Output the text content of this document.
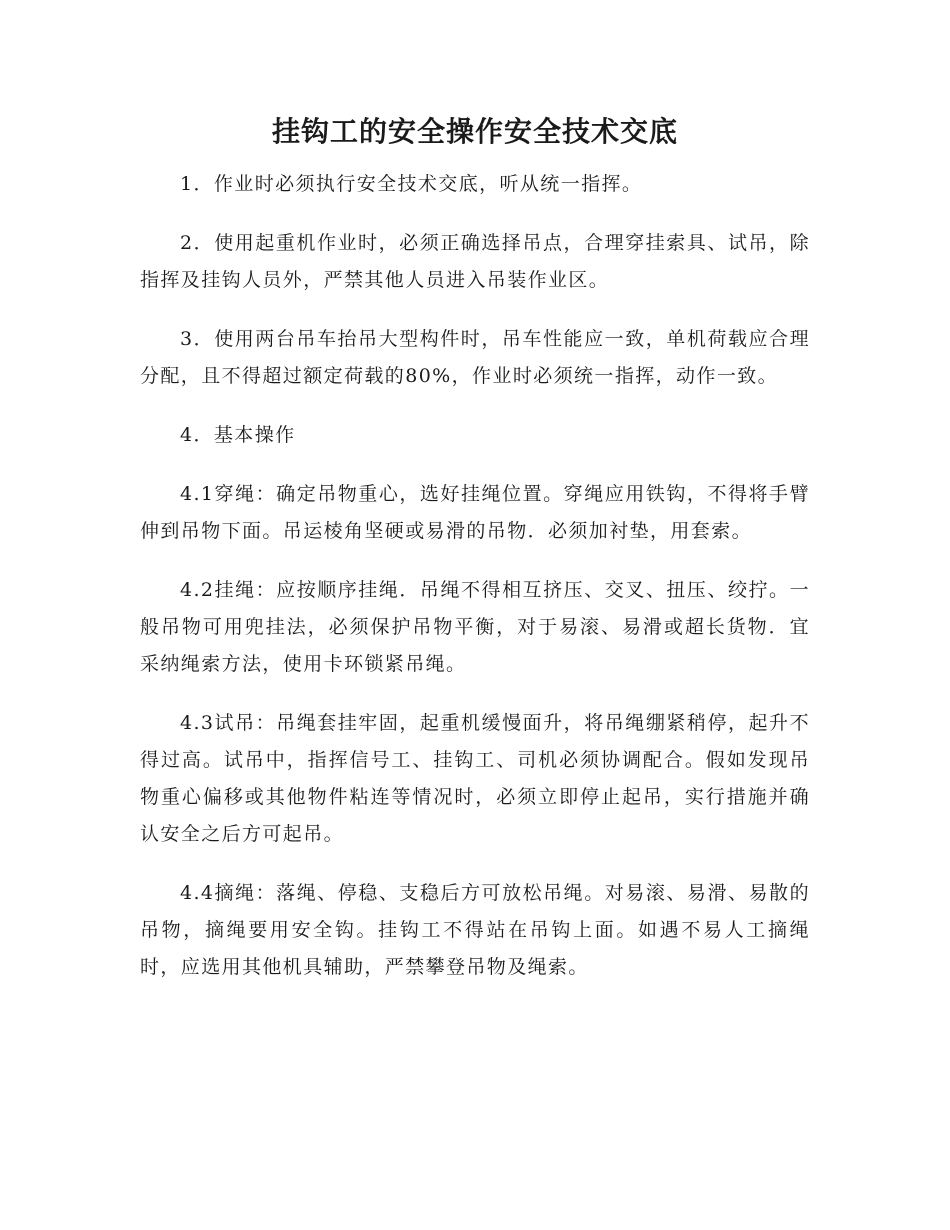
挂钩工的安全操作安全技术交底

1．作业时必须执行安全技术交底，听从统一指挥。

2．使用起重机作业时，必须正确选择吊点，合理穿挂索具、试吊，除指挥及挂钩人员外，严禁其他人员进入吊装作业区。

3．使用两台吊车抬吊大型构件时，吊车性能应一致，单机荷载应合理分配，且不得超过额定荷载的80%，作业时必须统一指挥，动作一致。

4．基本操作

4.1穿绳：确定吊物重心，选好挂绳位置。穿绳应用铁钩，不得将手臂伸到吊物下面。吊运棱角坚硬或易滑的吊物．必须加衬垫，用套索。

4.2挂绳：应按顺序挂绳．吊绳不得相互挤压、交叉、扭压、绞拧。一般吊物可用兜挂法，必须保护吊物平衡，对于易滚、易滑或超长货物．宜采纳绳索方法，使用卡环锁紧吊绳。

4.3试吊：吊绳套挂牢固，起重机缓慢面升，将吊绳绷紧稍停，起升不得过高。试吊中，指挥信号工、挂钩工、司机必须协调配合。假如发现吊物重心偏移或其他物件粘连等情况时，必须立即停止起吊，实行措施并确认安全之后方可起吊。

4.4摘绳：落绳、停稳、支稳后方可放松吊绳。对易滚、易滑、易散的吊物，摘绳要用安全钩。挂钩工不得站在吊钩上面。如遇不易人工摘绳时，应选用其他机具辅助，严禁攀登吊物及绳索。
